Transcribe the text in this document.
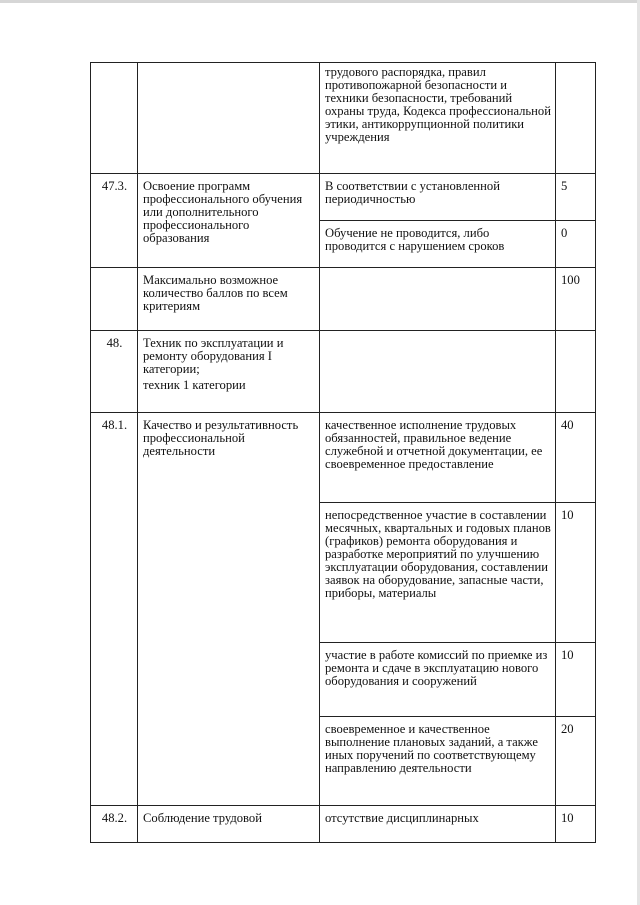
		трудового распорядка, правил противопожарной безопасности и техники безопасности, требований охраны труда, Кодекса профессиональной этики, антикоррупционной политики учреждения	
47.3.	Освоение программ профессионального обучения или дополнительного профессионального образования	В соответствии с установленной периодичностью	5
		Обучение не проводится, либо проводится с нарушением сроков	0
	Максимально возможное количество баллов по всем критериям		100
48.	Техник по эксплуатации и ремонту оборудования I категории;
техник 1 категории		

48.1.	Качество и результативность профессиональной деятельности	качественное исполнение трудовых обязанностей, правильное ведение служебной и отчетной документации, ее своевременное предоставление	40
		непосредственное участие в составлении месячных, квартальных и годовых планов (графиков) ремонта оборудования и разработке мероприятий по улучшению эксплуатации оборудования, составлении заявок на оборудование, запасные части, приборы, материалы	10
		участие в работе комиссий по приемке из ремонта и сдаче в эксплуатацию нового оборудования и сооружений	10
		своевременное и качественное выполнение плановых заданий, а также иных поручений по соответствующему направлению деятельности	20
48.2.	Соблюдение трудовой	отсутствие дисциплинарных	10
